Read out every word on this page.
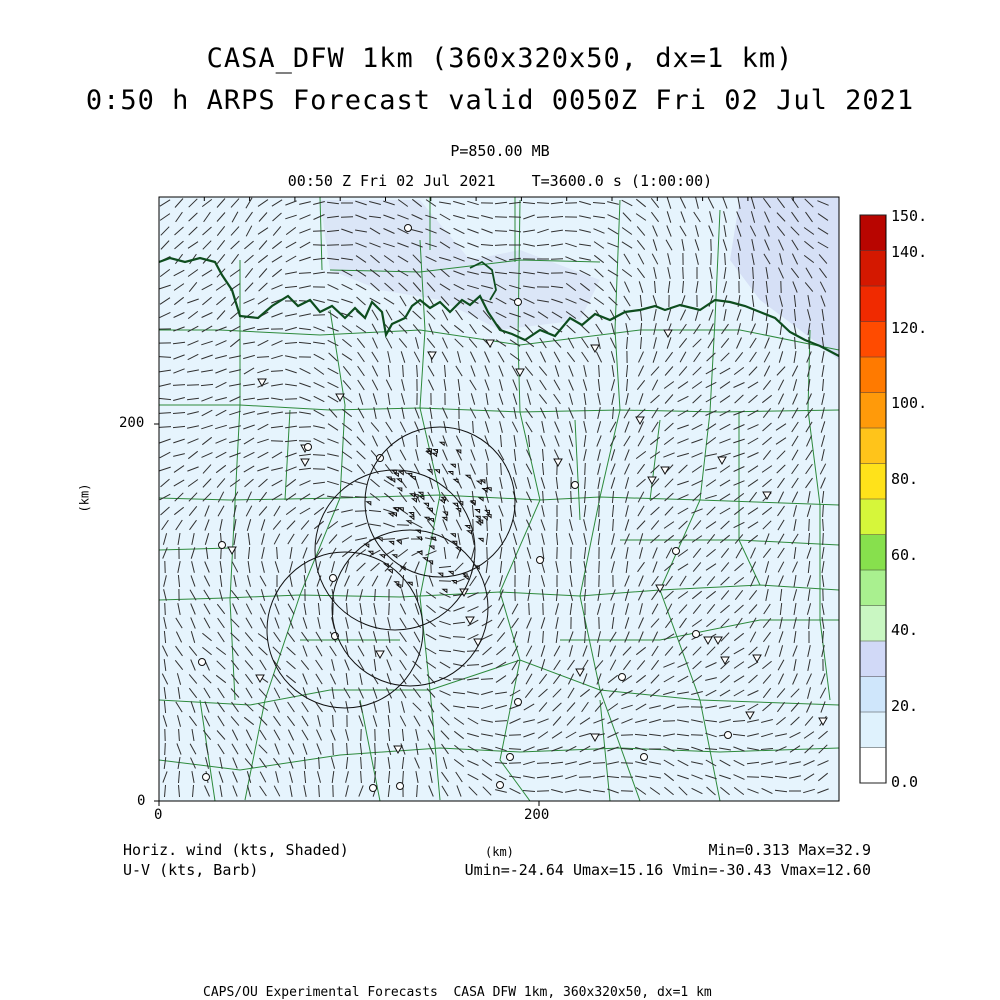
CASA_DFW 1km (360x320x50, dx=1 km)
0:50 h ARPS Forecast valid 0050Z Fri 02 Jul 2021
P=850.00 MB
00:50 Z Fri 02 Jul 2021    T=3600.0 s (1:00:00)
200
0
0	200
(km)
(km)
150.
140.
120.
100.
80.
60.
40.
20.
0.0
Horiz. wind (kts, Shaded)
U-V (kts, Barb)
Min=0.313 Max=32.9
Umin=-24.64 Umax=15.16 Vmin=-30.43 Vmax=12.60
CAPS/OU Experimental Forecasts  CASA DFW 1km, 360x320x50, dx=1 km
